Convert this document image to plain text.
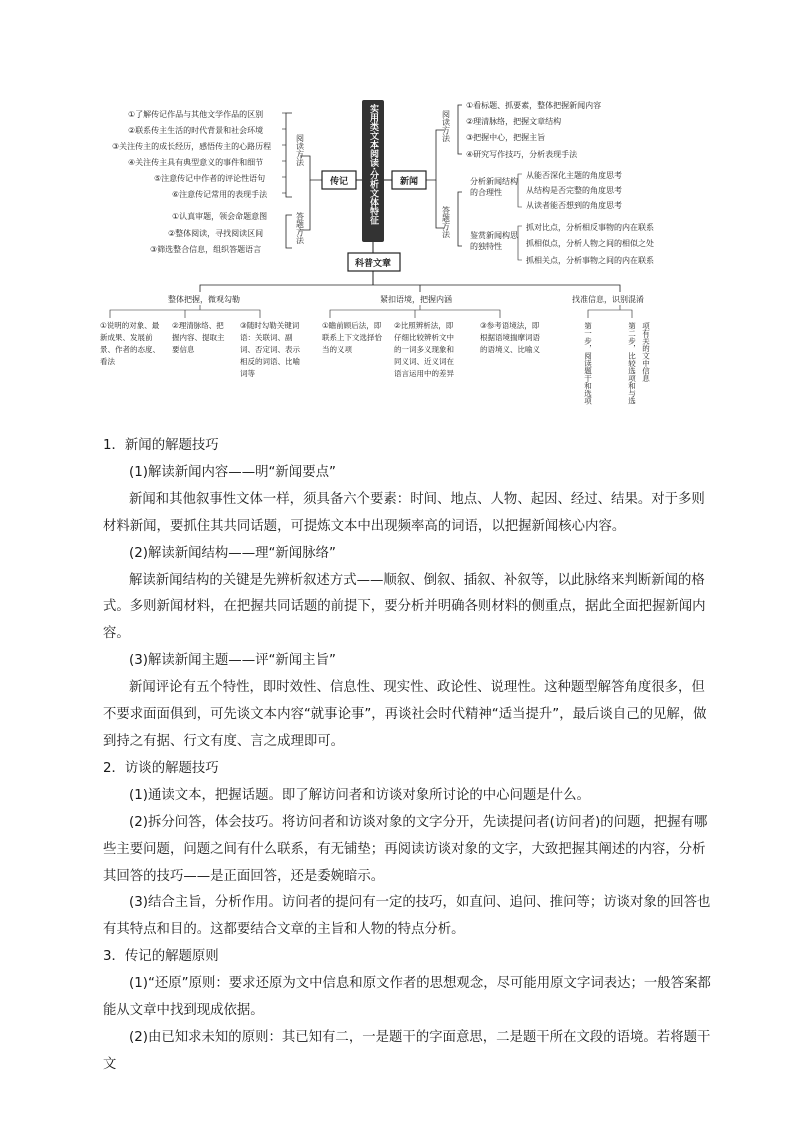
实用类文本阅读·分析文体特征
传记	新闻
阅读方法
①了解传记作品与其他文学作品的区别
②联系传主生活的时代背景和社会环境
③关注传主的成长经历，感悟传主的心路历程
④关注传主具有典型意义的事件和细节
⑤注意传记中作者的评论性语句
⑥注意传记常用的表现手法
答题方法
①认真审题，领会命题意图
②整体阅读，寻找阅读区间
③筛选整合信息，组织答题语言
阅读方法
①看标题、抓要素，整体把握新闻内容
②理清脉络，把握文章结构
③把握中心，把握主旨
④研究写作技巧，分析表现手法
答题方法
分析新闻结构的合理性
从能否深化主题的角度思考
从结构是否完整的角度思考
从读者能否想到的角度思考
鉴赏新闻构思的独特性
抓对比点，分析相反事物的内在联系
抓相似点，分析人物之间的相似之处
抓相关点，分析事物之间的内在联系
科普文章
整体把握，微观勾勒	紧扣语境，把握内涵	找准信息，识别混淆
①说明的对象、最新成果、发展前景、作者的态度、看法
②理清脉络、把握内容、提取主要信息
③随时勾勒关键词语：关联词、副词、否定词、表示相反的词语、比喻词等
①瞻前顾后法，即联系上下文选择恰当的义项
②比照辨析法，即仔细比较辨析文中的一词多义现象和同义词、近义词在语言运用中的差异
③参考语境法，即根据语境揣摩词语的语境义、比喻义	第一步，阅读题干和选项	第二步，比较选项和与选 项有关的文中信息

1．新闻的解题技巧

(1)解读新闻内容——明“新闻要点”

新闻和其他叙事性文体一样，须具备六个要素：时间、地点、人物、起因、经过、结果。对于多则材料新闻，要抓住其共同话题，可提炼文本中出现频率高的词语，以把握新闻核心内容。

(2)解读新闻结构——理“新闻脉络”

解读新闻结构的关键是先辨析叙述方式——顺叙、倒叙、插叙、补叙等，以此脉络来判断新闻的格式。多则新闻材料，在把握共同话题的前提下，要分析并明确各则材料的侧重点，据此全面把握新闻内容。

(3)解读新闻主题——评“新闻主旨”

新闻评论有五个特性，即时效性、信息性、现实性、政论性、说理性。这种题型解答角度很多，但不要求面面俱到，可先谈文本内容“就事论事”，再谈社会时代精神“适当提升”，最后谈自己的见解，做到持之有据、行文有度、言之成理即可。

2．访谈的解题技巧

(1)通读文本，把握话题。即了解访问者和访谈对象所讨论的中心问题是什么。

(2)拆分问答，体会技巧。将访问者和访谈对象的文字分开，先读提问者(访问者)的问题，把握有哪些主要问题，问题之间有什么联系，有无铺垫；再阅读访谈对象的文字，大致把握其阐述的内容，分析其回答的技巧——是正面回答，还是委婉暗示。

(3)结合主旨，分析作用。访问者的提问有一定的技巧，如直问、追问、推问等；访谈对象的回答也有其特点和目的。这都要结合文章的主旨和人物的特点分析。

3．传记的解题原则

(1)“还原”原则：要求还原为文中信息和原文作者的思想观念，尽可能用原文字词表达；一般答案都能从文章中找到现成依据。

(2)由已知求未知的原则：其已知有二，一是题干的字面意思，二是题干所在文段的语境。若将题干文
